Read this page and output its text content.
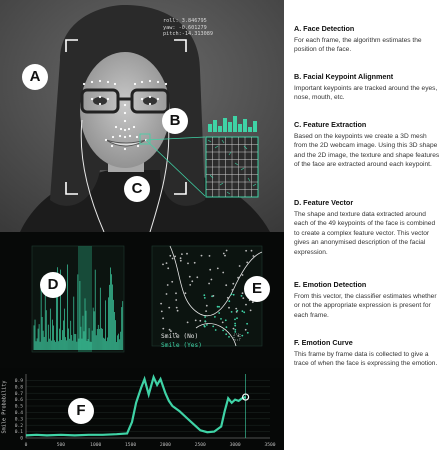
roll: 3.846795
yaw: -0.601279
pitch:-14.313089
Smile (No)
Smile (Yes)
0
0.1
0.2
0.3
0.4
0.5
0.6
0.7
0.8
0.9
0	500	1000	1500	2000	2500	3000	3500
Smile Probability
A
B
C
D	E
F
A. Face Detection

For each frame, the algorithm estimates the position of the face.

B. Facial Keypoint Alignment

Important keypoints are tracked around the eyes, nose, mouth, etc.

C. Feature Extraction

Based on the keypoints we create a 3D mesh from the 2D webcam image. Using this 3D shape and the 2D image, the texture and shape features of the face are extracted around each keypoint.

D. Feature Vector

The shape and texture data extracted around each of the 49 keypoints of the face is combined to create a complex feature vector. This vector gives an anonymised description of the facial expression.

E. Emotion Detection

From this vector, the classifier estimates whether or not the appropriate expression is present for each frame.

F. Emotion Curve

This frame by frame data is collected to give a trace of when the face is expressing the emotion.
